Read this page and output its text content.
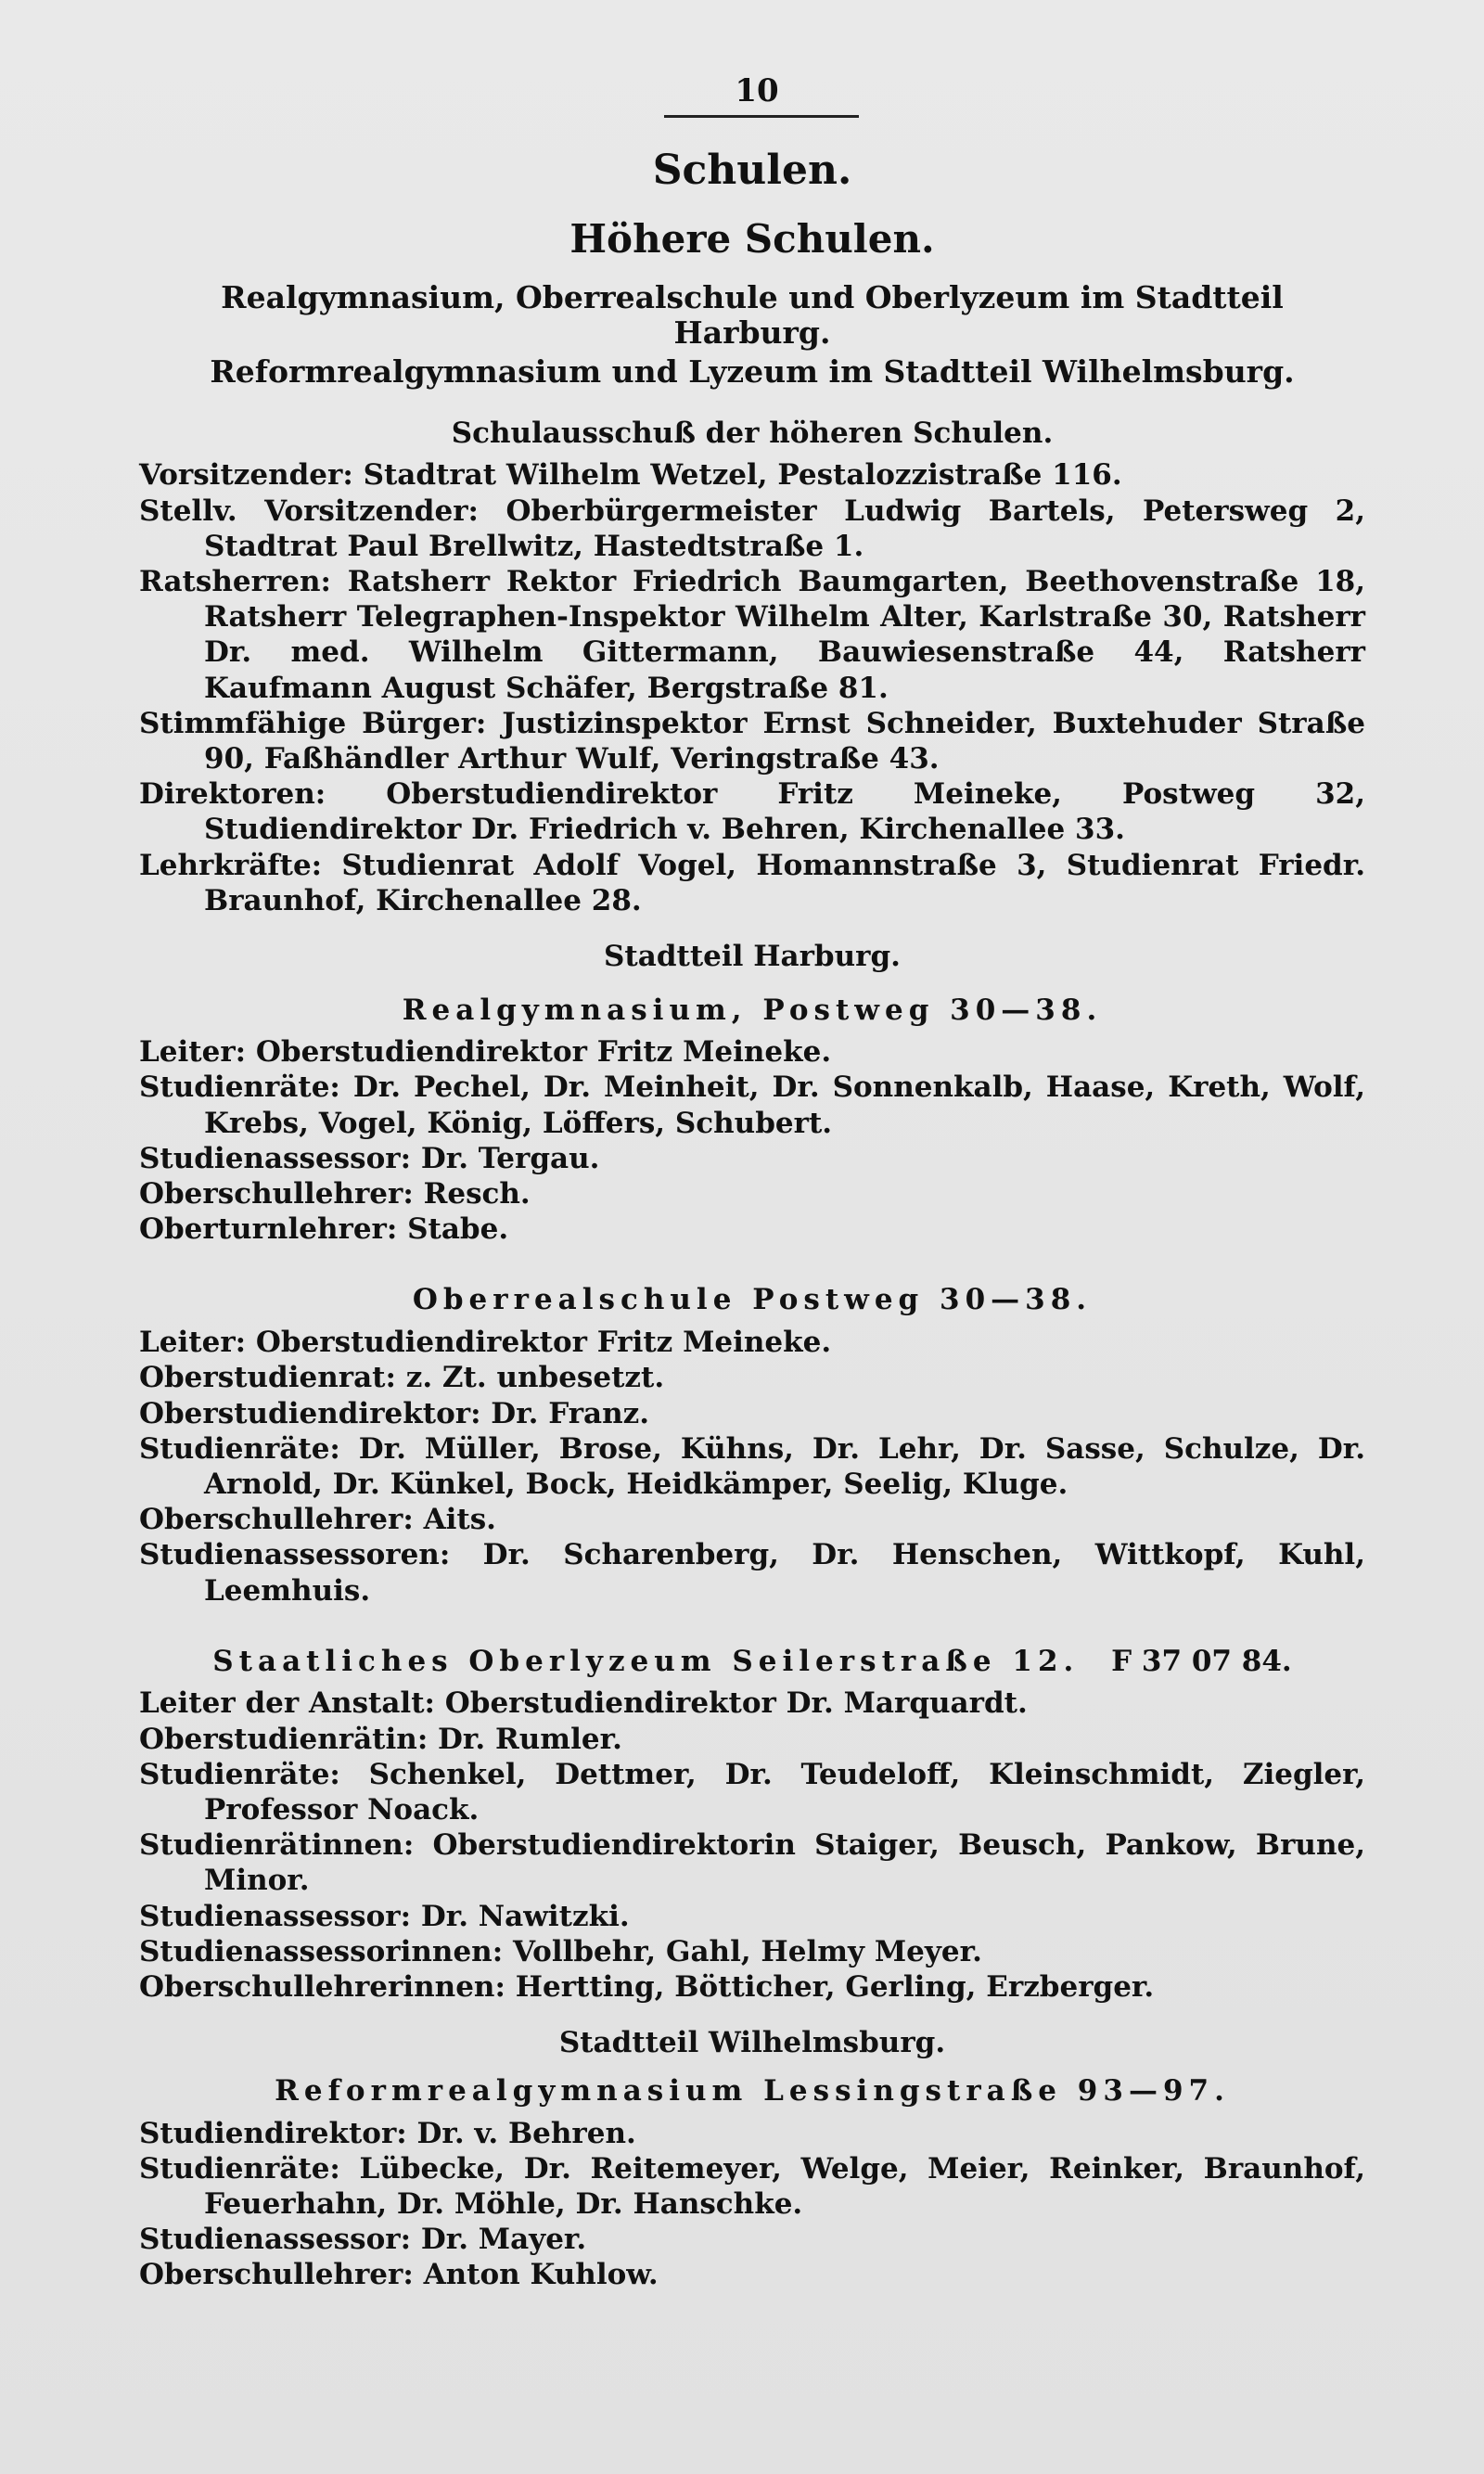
10
Schulen.
Höhere Schulen.
Realgymnasium, Oberrealschule und Oberlyzeum im Stadtteil Harburg.
Reformrealgymnasium und Lyzeum im Stadtteil Wilhelmsburg.
Schulausschuß der höheren Schulen.

Vorsitzender: Stadtrat Wilhelm Wetzel, Pestalozzistraße 116.

Stellv. Vorsitzender: Oberbürgermeister Ludwig Bartels, Petersweg 2, Stadtrat Paul Brellwitz, Hastedtstraße 1.

Ratsherren: Ratsherr Rektor Friedrich Baumgarten, Beethovenstraße 18, Ratsherr Telegraphen-Inspektor Wilhelm Alter, Karlstraße 30, Ratsherr Dr. med. Wilhelm Gittermann, Bauwiesenstraße 44, Ratsherr Kaufmann August Schäfer, Bergstraße 81.

Stimmfähige Bürger: Justizinspektor Ernst Schneider, Buxtehuder Straße 90, Faßhändler Arthur Wulf, Veringstraße 43.

Direktoren: Oberstudiendirektor Fritz Meineke, Postweg 32, Studiendirektor Dr. Friedrich v. Behren, Kirchenallee 33.

Lehrkräfte: Studienrat Adolf Vogel, Homannstraße 3, Studienrat Friedr. Braunhof, Kirchenallee 28.

Stadtteil Harburg.
Realgymnasium, Postweg 30—38.

Leiter: Oberstudiendirektor Fritz Meineke.

Studienräte: Dr. Pechel, Dr. Meinheit, Dr. Sonnenkalb, Haase, Kreth, Wolf, Krebs, Vogel, König, Löffers, Schubert.

Studienassessor: Dr. Tergau.

Oberschullehrer: Resch.

Oberturnlehrer: Stabe.

Oberrealschule Postweg 30—38.

Leiter: Oberstudiendirektor Fritz Meineke.

Oberstudienrat: z. Zt. unbesetzt.

Oberstudiendirektor: Dr. Franz.

Studienräte: Dr. Müller, Brose, Kühns, Dr. Lehr, Dr. Sasse, Schulze, Dr. Arnold, Dr. Künkel, Bock, Heidkämper, Seelig, Kluge.

Oberschullehrer: Aits.

Studienassessoren: Dr. Scharenberg, Dr. Henschen, Wittkopf, Kuhl, Leemhuis.

Staatliches Oberlyzeum Seilerstraße 12. F 37 07 84.

Leiter der Anstalt: Oberstudiendirektor Dr. Marquardt.

Oberstudienrätin: Dr. Rumler.

Studienräte: Schenkel, Dettmer, Dr. Teudeloff, Kleinschmidt, Ziegler, Professor Noack.

Studienrätinnen: Oberstudiendirektorin Staiger, Beusch, Pankow, Brune, Minor.

Studienassessor: Dr. Nawitzki.

Studienassessorinnen: Vollbehr, Gahl, Helmy Meyer.

Oberschullehrerinnen: Hertting, Bötticher, Gerling, Erzberger.

Stadtteil Wilhelmsburg.
Reformrealgymnasium Lessingstraße 93—97.

Studiendirektor: Dr. v. Behren.

Studienräte: Lübecke, Dr. Reitemeyer, Welge, Meier, Reinker, Braunhof, Feuerhahn, Dr. Möhle, Dr. Hanschke.

Studienassessor: Dr. Mayer.

Oberschullehrer: Anton Kuhlow.
